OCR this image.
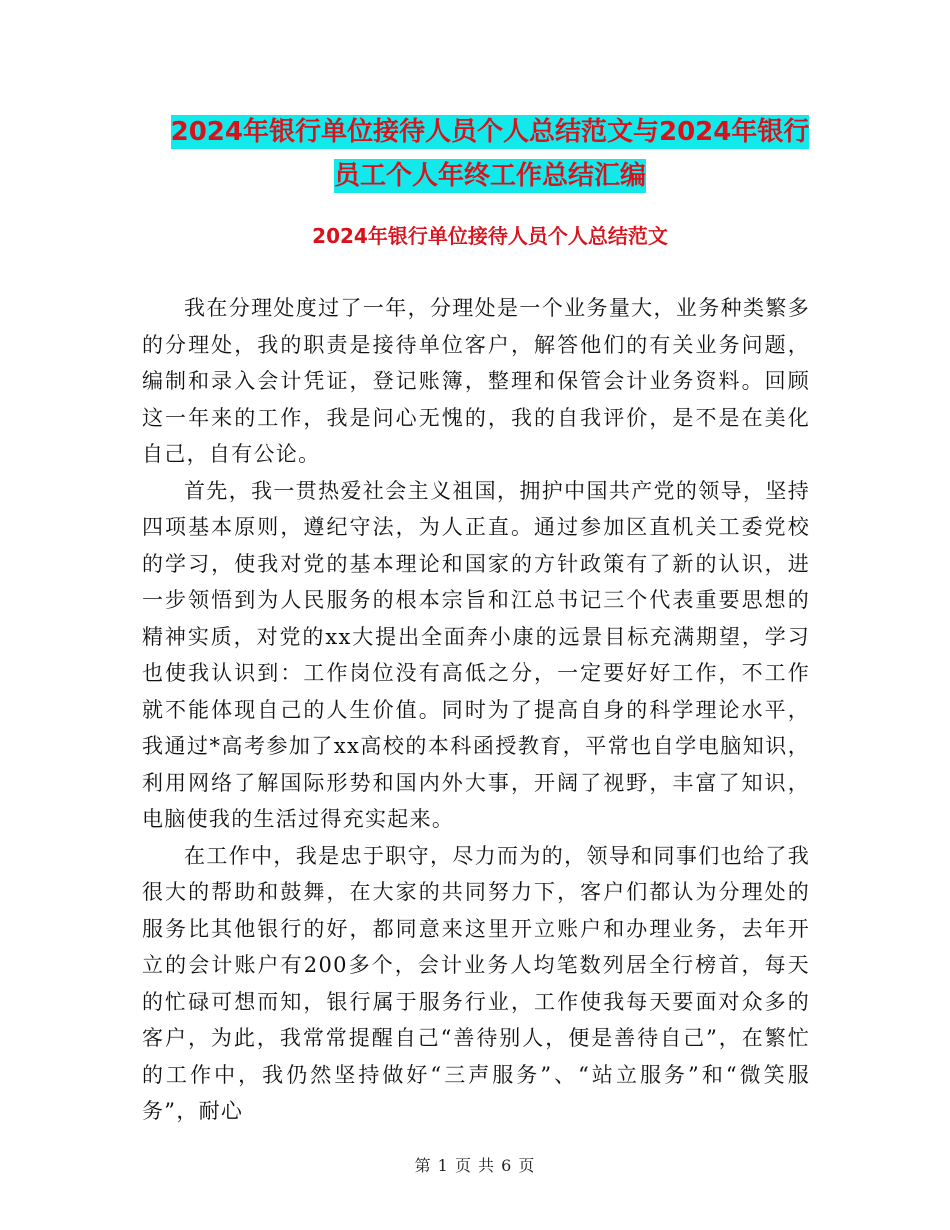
2024年银行单位接待人员个人总结范文与2024年银行
员工个人年终工作总结汇编
2024年银行单位接待人员个人总结范文

我在分理处度过了一年，分理处是一个业务量大，业务种类繁多的分理处，我的职责是接待单位客户，解答他们的有关业务问题，编制和录入会计凭证，登记账簿，整理和保管会计业务资料。回顾这一年来的工作，我是问心无愧的，我的自我评价，是不是在美化自己，自有公论。

首先，我一贯热爱社会主义祖国，拥护中国共产党的领导，坚持四项基本原则，遵纪守法，为人正直。通过参加区直机关工委党校的学习，使我对党的基本理论和国家的方针政策有了新的认识，进一步领悟到为人民服务的根本宗旨和江总书记三个代表重要思想的精神实质，对党的xx大提出全面奔小康的远景目标充满期望，学习也使我认识到：工作岗位没有高低之分，一定要好好工作，不工作就不能体现自己的人生价值。同时为了提高自身的科学理论水平，我通过*高考参加了xx高校的本科函授教育，平常也自学电脑知识，利用网络了解国际形势和国内外大事，开阔了视野，丰富了知识，电脑使我的生活过得充实起来。

在工作中，我是忠于职守，尽力而为的，领导和同事们也给了我很大的帮助和鼓舞，在大家的共同努力下，客户们都认为分理处的服务比其他银行的好，都同意来这里开立账户和办理业务，去年开立的会计账户有200多个，会计业务人均笔数列居全行榜首，每天的忙碌可想而知，银行属于服务行业，工作使我每天要面对众多的客户，为此，我常常提醒自己“善待别人，便是善待自己”，在繁忙的工作中，我仍然坚持做好“三声服务”、“站立服务”和“微笑服务”，耐心

第 1 页 共 6 页
